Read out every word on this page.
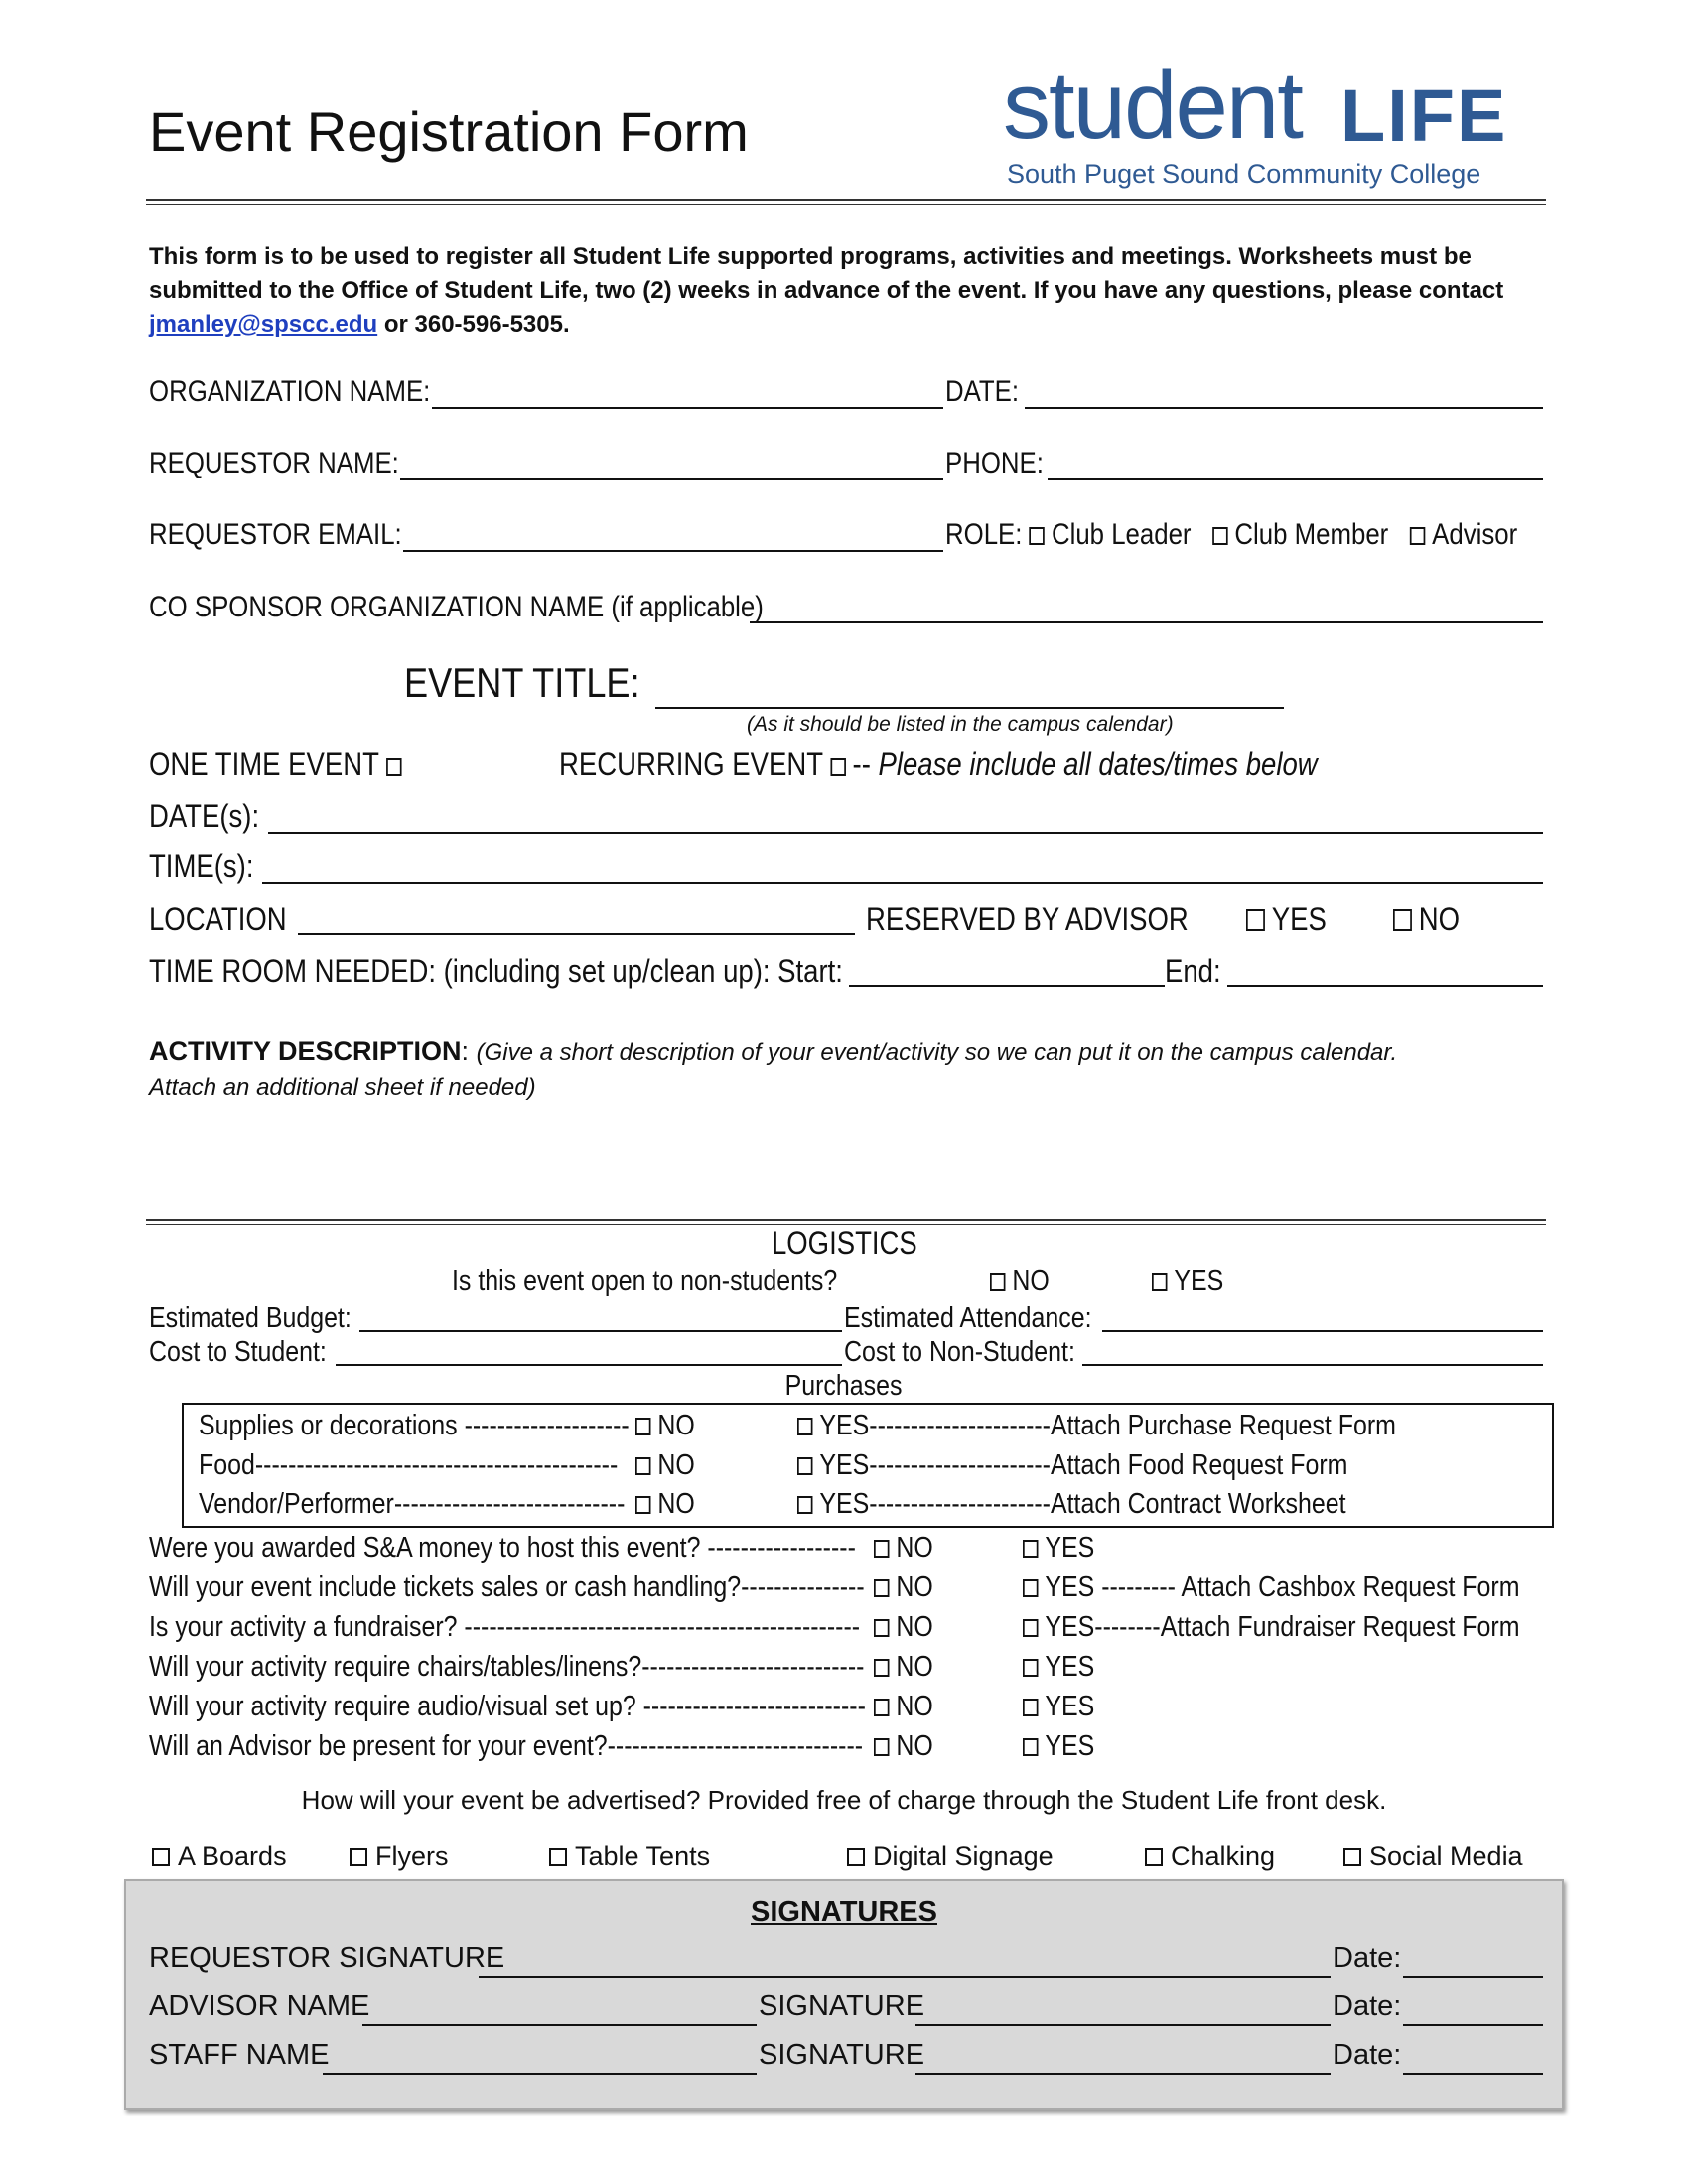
Event Registration Form	student LIFE
South Puget Sound Community College
This form is to be used to register all Student Life supported programs, activities and meetings. Worksheets must be submitted to the Office of Student Life, two (2) weeks in advance of the event. If you have any questions, please contact jmanley@spscc.edu or 360-596-5305.
ORGANIZATION NAME:	DATE:
REQUESTOR NAME:	PHONE:
REQUESTOR EMAIL:	ROLE: Club Leader Club Member Advisor
CO SPONSOR ORGANIZATION NAME (if applicable)
EVENT TITLE:
(As it should be listed in the campus calendar)
ONE TIME EVENT	RECURRING EVENT -- Please include all dates/times below
DATE(s):
TIME(s):
LOCATION	RESERVED BY ADVISOR	YES	NO
TIME ROOM NEEDED: (including set up/clean up): Start:	End:
ACTIVITY DESCRIPTION: (Give a short description of your event/activity so we can put it on the campus calendar.
Attach an additional sheet if needed)
LOGISTICS
Is this event open to non-students?	NO	YES
Estimated Budget:	Estimated Attendance:
Cost to Student:	Cost to Non-Student:
Purchases
Supplies or decorations -------------------- NO	YES----------------------Attach Purchase Request Form
Food--------------------------------------------	NO	YES----------------------Attach Food Request Form
Vendor/Performer----------------------------	NO	YES----------------------Attach Contract Worksheet
Were you awarded S&A money to host this event? ------------------	NO	YES
Will your event include tickets sales or cash handling?---------------	NO	YES --------- Attach Cashbox Request Form
Is your activity a fundraiser? ------------------------------------------------	NO	YES--------Attach Fundraiser Request Form
Will your activity require chairs/tables/linens?---------------------------	NO	YES
Will your activity require audio/visual set up? ---------------------------	NO	YES
Will an Advisor be present for your event?-------------------------------	NO	YES
How will your event be advertised? Provided free of charge through the Student Life front desk.
A Boards	Flyers	Table Tents	Digital Signage	Chalking	Social Media
SIGNATURES
REQUESTOR SIGNATURE	Date:
ADVISOR NAME	SIGNATURE	Date:
STAFF NAME	SIGNATURE	Date:
